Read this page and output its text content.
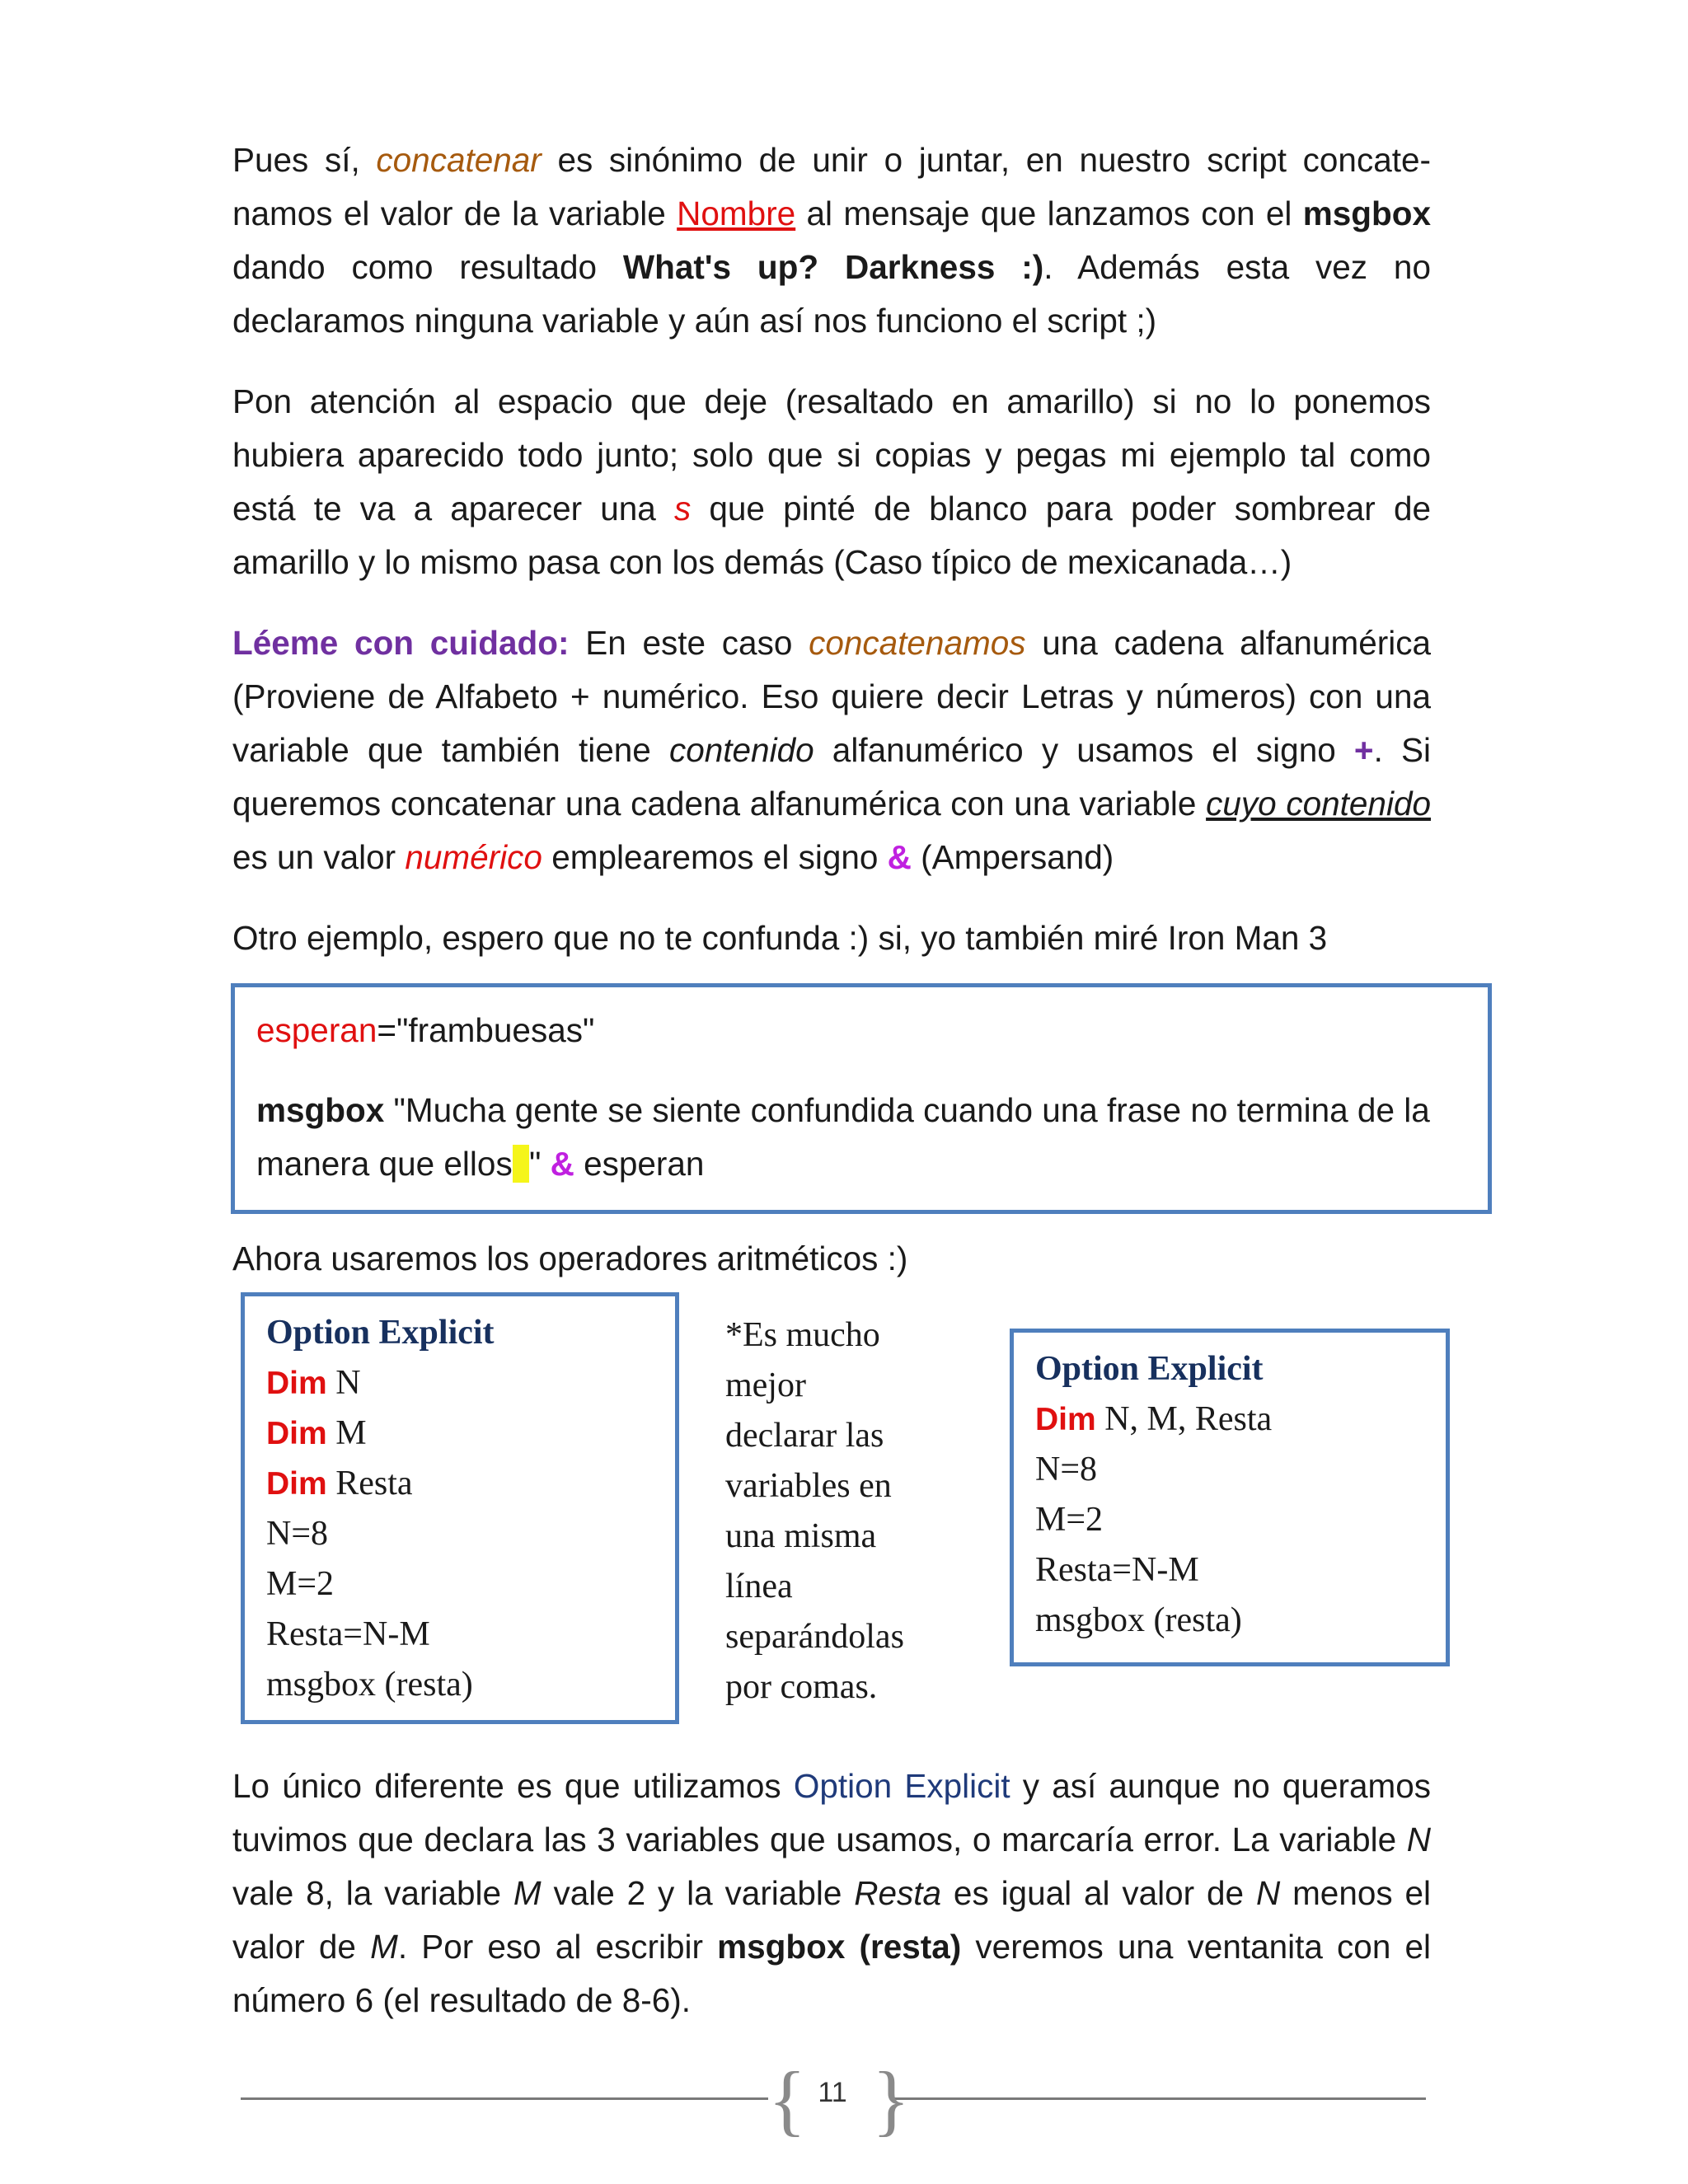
Pues sí, concatenar es sinónimo de unir o juntar, en nuestro script concate-namos el valor de la variable Nombre al mensaje que lanzamos con el msgbox dando como resultado What's up? Darkness :). Además esta vez no declaramos ninguna variable y aún así nos funciono el script ;)

Pon atención al espacio que deje (resaltado en amarillo) si no lo ponemos hubiera aparecido todo junto; solo que si copias y pegas mi ejemplo tal como está te va a aparecer una s que pinté de blanco para poder sombrear de amarillo y lo mismo pasa con los demás (Caso típico de mexicanada…)

Léeme con cuidado: En este caso concatenamos una cadena alfanumérica (Proviene de Alfabeto + numérico. Eso quiere decir Letras y números) con una variable que también tiene contenido alfanumérico y usamos el signo +. Si queremos concatenar una cadena alfanumérica con una variable cuyo contenido es un valor numérico emplearemos el signo & (Ampersand)

Otro ejemplo, espero que no te confunda :) si, yo también miré Iron Man 3

esperan="frambuesas"
msgbox "Mucha gente se siente confundida cuando una frase no termina de la manera que elloss" & esperan

Ahora usaremos los operadores aritméticos :)

Option Explicit
Dim N
Dim M
Dim Resta
N=8
M=2
Resta=N-M
msgbox (resta)
*Es mucho
mejor
declarar las
variables en
una misma
línea
separándolas
por comas.
Option Explicit
Dim N, M, Resta
N=8
M=2
Resta=N-M
msgbox (resta)

Lo único diferente es que utilizamos Option Explicit y así aunque no queramos tuvimos que declara las 3 variables que usamos, o marcaría error. La variable N vale 8, la variable M vale 2 y la variable Resta es igual al valor de N menos el valor de M. Por eso al escribir msgbox (resta) veremos una ventanita con el número 6 (el resultado de 8-6).

{ }
11
